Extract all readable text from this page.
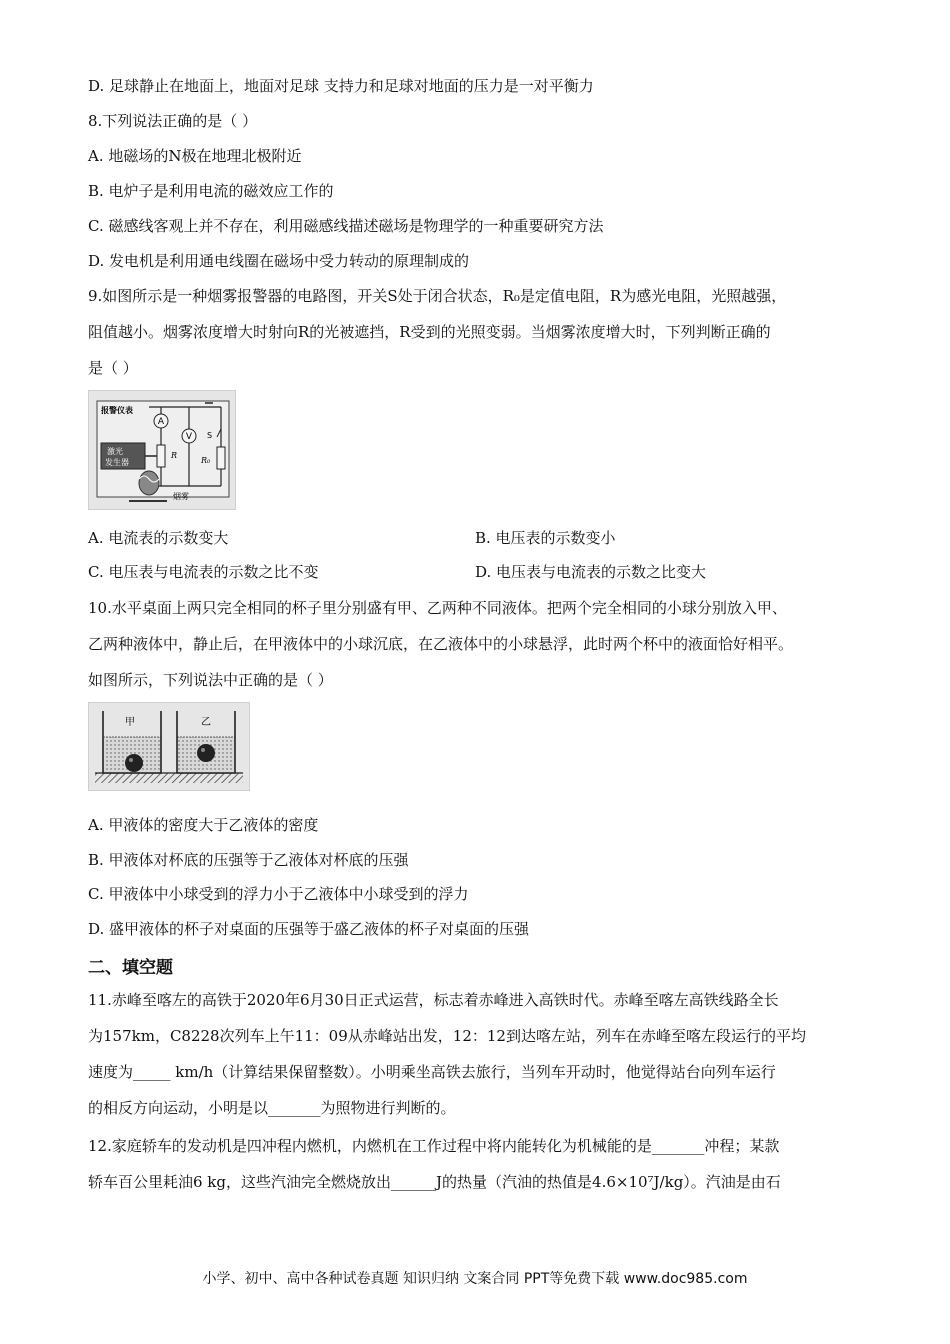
D. 足球静止在地面上，地面对足球 支持力和足球对地面的压力是一对平衡力
8.下列说法正确的是（ ）
A. 地磁场的N极在地理北极附近
B. 电炉子是利用电流的磁效应工作的
C. 磁感线客观上并不存在，利用磁感线描述磁场是物理学的一种重要研究方法
D. 发电机是利用通电线圈在磁场中受力转动的原理制成的
9.如图所示是一种烟雾报警器的电路图，开关S处于闭合状态，R₀是定值电阻，R为感光电阻，光照越强，
阻值越小。烟雾浓度增大时射向R的光被遮挡，R受到的光照变弱。当烟雾浓度增大时，下列判断正确的
是（ ）
A
V
R
R₀
S
报警仪表
激光
发生器
烟雾
A. 电流表的示数变大	B. 电压表的示数变小
C. 电压表与电流表的示数之比不变	D. 电压表与电流表的示数之比变大
10.水平桌面上两只完全相同的杯子里分别盛有甲、乙两种不同液体。把两个完全相同的小球分别放入甲、
乙两种液体中，静止后，在甲液体中的小球沉底，在乙液体中的小球悬浮，此时两个杯中的液面恰好相平。
如图所示，下列说法中正确的是（ ）
甲	乙
A. 甲液体的密度大于乙液体的密度
B. 甲液体对杯底的压强等于乙液体对杯底的压强
C. 甲液体中小球受到的浮力小于乙液体中小球受到的浮力
D. 盛甲液体的杯子对桌面的压强等于盛乙液体的杯子对桌面的压强
二、填空题
11.赤峰至喀左的高铁于2020年6月30日正式运营，标志着赤峰进入高铁时代。赤峰至喀左高铁线路全长
为157km，C8228次列车上午11：09从赤峰站出发，12：12到达喀左站，列车在赤峰至喀左段运行的平均
速度为_____ km/h（计算结果保留整数）。小明乘坐高铁去旅行，当列车开动时，他觉得站台向列车运行
的相反方向运动，小明是以_______为照物进行判断的。
12.家庭轿车的发动机是四冲程内燃机，内燃机在工作过程中将内能转化为机械能的是_______冲程；某款
轿车百公里耗油6 kg，这些汽油完全燃烧放出______J的热量（汽油的热值是4.6×10⁷J/kg）。汽油是由石
小学、初中、高中各种试卷真题 知识归纳 文案合同 PPT等免费下载 www.doc985.com
